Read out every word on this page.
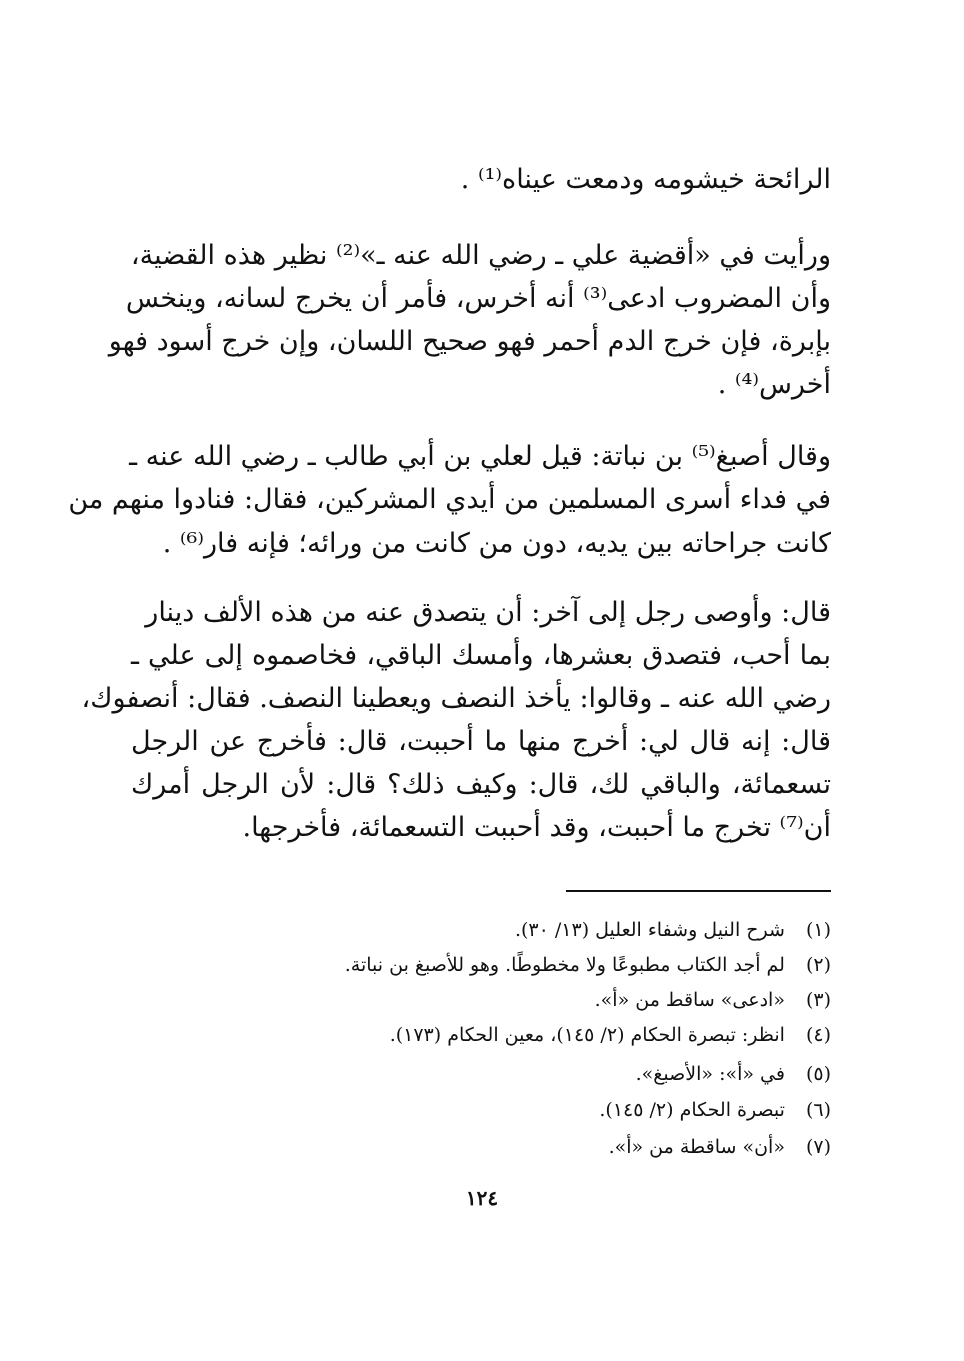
الرائحة خيشومه ودمعت عيناه⁽¹⁾ .
ورأيت في «أقضية علي ـ رضي الله عنه ـ»⁽²⁾ نظير هذه القضية،
وأن المضروب ادعى⁽³⁾ أنه أخرس، فأمر أن يخرج لسانه، وينخس
بإبرة، فإن خرج الدم أحمر فهو صحيح اللسان، وإن خرج أسود فهو
أخرس⁽⁴⁾ .
وقال أصبغ⁽⁵⁾ بن نباتة: قيل لعلي بن أبي طالب ـ رضي الله عنه ـ
في فداء أسرى المسلمين من أيدي المشركين، فقال: فنادوا منهم من
كانت جراحاته بين يديه، دون من كانت من ورائه؛ فإنه فار⁽⁶⁾ .
قال: وأوصى رجل إلى آخر: أن يتصدق عنه من هذه الألف دينار
بما أحب، فتصدق بعشرها، وأمسك الباقي، فخاصموه إلى علي ـ
رضي الله عنه ـ وقالوا: يأخذ النصف ويعطينا النصف. فقال: أنصفوك،
قال: إنه قال لي: أخرج منها ما أحببت، قال: فأخرج عن الرجل
تسعمائة، والباقي لك، قال: وكيف ذلك؟ قال: لأن الرجل أمرك
أن⁽⁷⁾ تخرج ما أحببت، وقد أحببت التسعمائة، فأخرجها.
(١) شرح النيل وشفاء العليل (١٣/ ٣٠).
(٢) لم أجد الكتاب مطبوعًا ولا مخطوطًا. وهو للأصبغ بن نباتة.
(٣) «ادعى» ساقط من «أ».
(٤) انظر: تبصرة الحكام (٢/ ١٤٥)، معين الحكام (١٧٣).
(٥) في «أ»: «الأصبغ».
(٦) تبصرة الحكام (٢/ ١٤٥).
(٧) «أن» ساقطة من «أ».
١٢٤
